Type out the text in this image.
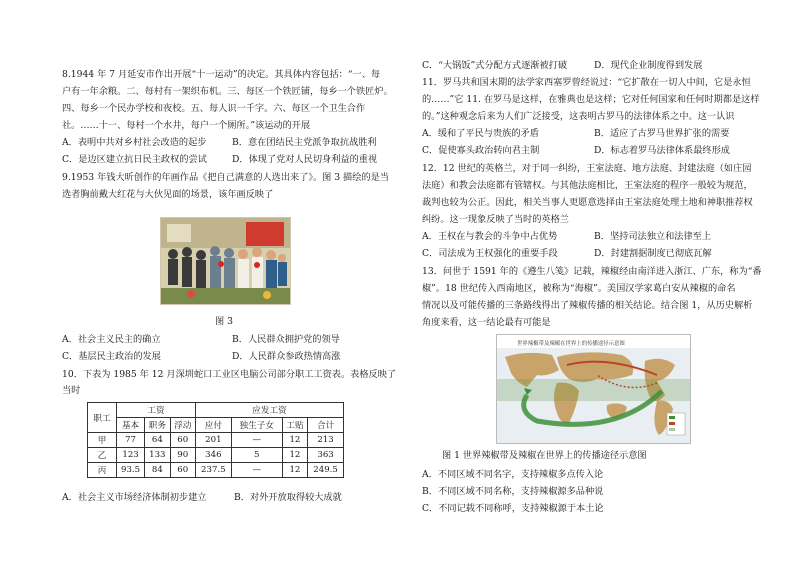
8.1944 年 7 月延安市作出开展“十一运动”的决定。其具体内容包括：“一、每
户有一年余粮。二、每村有一架织布机。三、每区一个铁匠铺，每乡一个铁匠炉。
四、每乡一个民办学校和夜校。五、每人识一千字。六、每区一个卫生合作
社。……十一、每村一个水井，每户一个厕所。”该运动的开展
A．表明中共对乡村社会改造的起步	B．意在团结民主党派争取抗战胜利
C．是边区建立抗日民主政权的尝试	D．体现了党对人民切身利益的重视
9.1953 年钱大昕创作的年画作品《把自己满意的人选出来了》。图 3 描绘的是当
选者胸前戴大红花与大伙见面的场景，该年画反映了
图 3
A．社会主义民主的确立	B．人民群众拥护党的领导
C．基层民主政治的发展	D．人民群众参政热情高涨
10．下表为 1985 年 12 月深圳蛇口工业区电脑公司部分职工工资表。表格反映了
当时
职工	工资			应发工资			
	基本	职务	浮动	应付	独生子女	工贴	合计
甲	77	64	60	201	—	12	213
乙	123	133	90	346	5	12	363
丙	93.5	84	60	237.5	—	12	249.5
A．社会主义市场经济体制初步建立	B．对外开放取得较大成就
C．“大锅饭”式分配方式逐渐被打破	D．现代企业制度得到发展
11．罗马共和国末期的法学家西塞罗曾经说过：“它扩散在一切人中间，它是永恒
的……”它 11. 在罗马是这样，在雅典也是这样；它对任何国家和任何时期都是这样
的。”这种观念后来为人们广泛接受，这表明古罗马的法律体系之中。这一认识
A．缓和了平民与贵族的矛盾	B．适应了古罗马世界扩张的需要
C．促使寡头政治转向君主制	D．标志着罗马法律体系最终形成
12．12 世纪的英格兰，对于同一纠纷，王室法庭、地方法庭、封建法庭（如庄园
法庭）和教会法庭都有管辖权。与其他法庭相比，王室法庭的程序一般较为规范，
裁判也较为公正。因此，相关当事人更愿意选择由王室法庭处理土地和神职推荐权
纠纷。这一现象反映了当时的英格兰
A．王权在与教会的斗争中占优势	B．坚持司法独立和法律至上
C．司法成为王权强化的重要手段	D．封建割据制度已彻底瓦解
13．问世于 1591 年的《遵生八笺》记载，辣椒经由南洋进入浙江、广东，称为“番
椒”。18 世纪传入西南地区，被称为“海椒”。美国汉学家葛白安从辣椒的命名
情况以及可能传播的三条路线得出了辣椒传播的相关结论。结合图 1，从历史解析
角度来看，这一结论最有可能是
世界辣椒带及辣椒在世界上的传播途径示意图
图 1 世界辣椒带及辣椒在世界上的传播途径示意图
A．不同区域不同名字，支持辣椒多点传入论
B．不同区域不同名称，支持辣椒源多品种说
C．不同记载不同称呼，支持辣椒源于本土论
